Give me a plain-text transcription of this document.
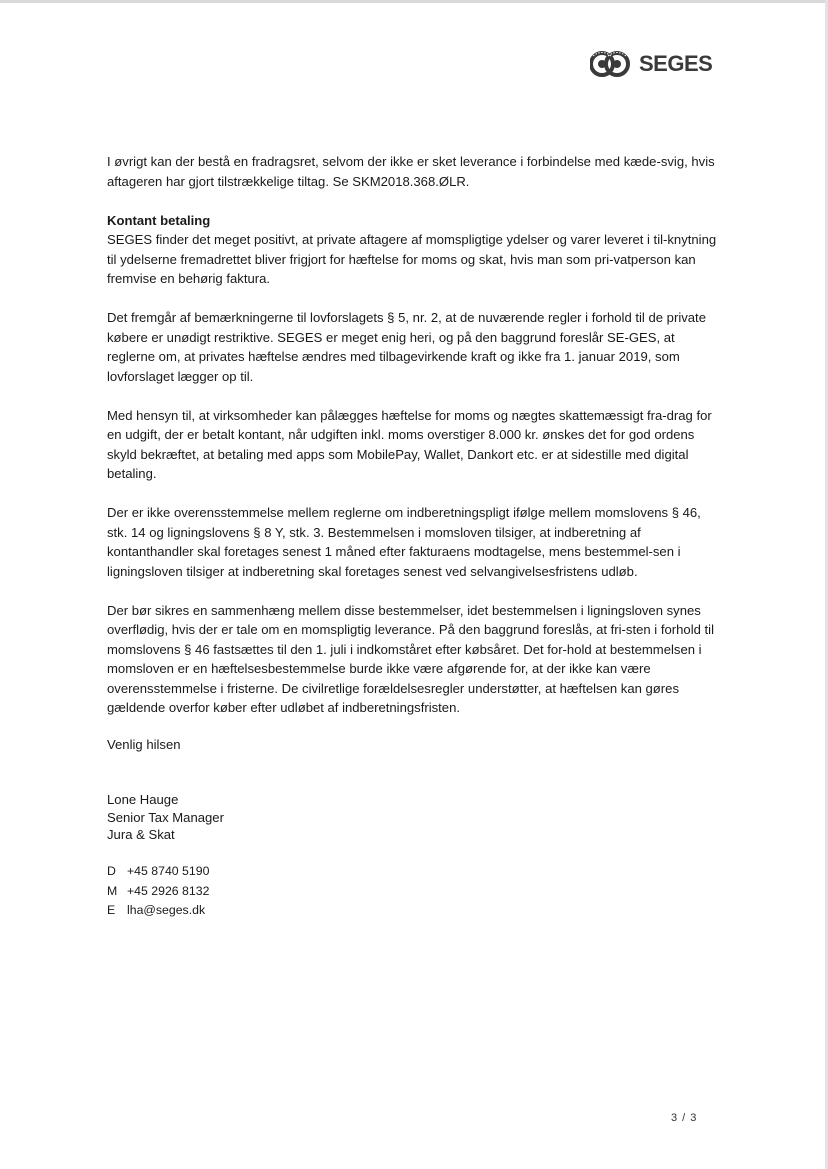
SEGES

I øvrigt kan der bestå en fradragsret, selvom der ikke er sket leverance i forbindelse med kæde-svig, hvis aftageren har gjort tilstrækkelige tiltag. Se SKM2018.368.ØLR.

Kontant betaling

SEGES finder det meget positivt, at private aftagere af momspligtige ydelser og varer leveret i til-knytning til ydelserne fremadrettet bliver frigjort for hæftelse for moms og skat, hvis man som pri-vatperson kan fremvise en behørig faktura.

Det fremgår af bemærkningerne til lovforslagets § 5, nr. 2, at de nuværende regler i forhold til de private købere er unødigt restriktive. SEGES er meget enig heri, og på den baggrund foreslår SE-GES, at reglerne om, at privates hæftelse ændres med tilbagevirkende kraft og ikke fra 1. januar 2019, som lovforslaget lægger op til.

Med hensyn til, at virksomheder kan pålægges hæftelse for moms og nægtes skattemæssigt fra-drag for en udgift, der er betalt kontant, når udgiften inkl. moms overstiger 8.000 kr. ønskes det for god ordens skyld bekræftet, at betaling med apps som MobilePay, Wallet, Dankort etc. er at sidestille med digital betaling.

Der er ikke overensstemmelse mellem reglerne om indberetningspligt ifølge mellem momslovens § 46, stk. 14 og ligningslovens § 8 Y, stk. 3. Bestemmelsen i momsloven tilsiger, at indberetning af kontanthandler skal foretages senest 1 måned efter fakturaens modtagelse, mens bestemmel-sen i ligningsloven tilsiger at indberetning skal foretages senest ved selvangivelsesfristens udløb.

Der bør sikres en sammenhæng mellem disse bestemmelser, idet bestemmelsen i ligningsloven synes overflødig, hvis der er tale om en momspligtig leverance. På den baggrund foreslås, at fri-sten i forhold til momslovens § 46 fastsættes til den 1. juli i indkomståret efter købsåret. Det for-hold at bestemmelsen i momsloven er en hæftelsesbestemmelse burde ikke være afgørende for, at der ikke kan være overensstemmelse i fristerne. De civilretlige forældelsesregler understøtter, at hæftelsen kan gøres gældende overfor køber efter udløbet af indberetningsfristen.

Venlig hilsen
Lone Hauge
Senior Tax Manager
Jura & Skat
D +45 8740 5190
M +45 2926 8132
E lha@seges.dk
3 / 3
